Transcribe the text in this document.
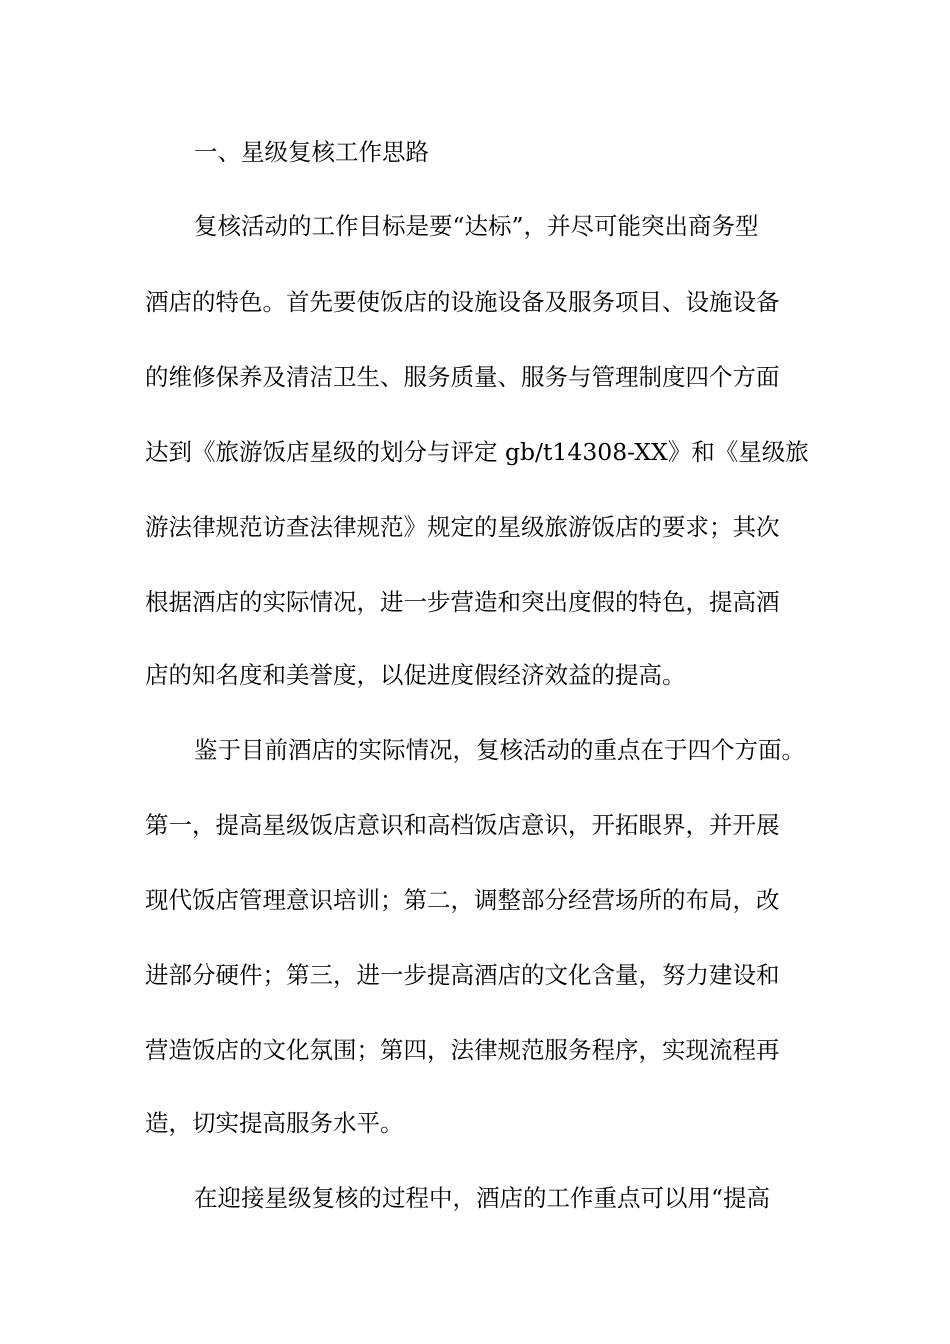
一、星级复核工作思路
复核活动的工作目标是要“达标”，并尽可能突出商务型
酒店的特色。首先要使饭店的设施设备及服务项目、设施设备
的维修保养及清洁卫生、服务质量、服务与管理制度四个方面
达到《旅游饭店星级的划分与评定 gb/t14308-XX》和《星级旅
游法律规范访查法律规范》规定的星级旅游饭店的要求；其次
根据酒店的实际情况，进一步营造和突出度假的特色，提高酒
店的知名度和美誉度，以促进度假经济效益的提高。
鉴于目前酒店的实际情况，复核活动的重点在于四个方面。
第一，提高星级饭店意识和高档饭店意识，开拓眼界，并开展
现代饭店管理意识培训；第二，调整部分经营场所的布局，改
进部分硬件；第三，进一步提高酒店的文化含量，努力建设和
营造饭店的文化氛围；第四，法律规范服务程序，实现流程再
造，切实提高服务水平。
在迎接星级复核的过程中，酒店的工作重点可以用“提高
